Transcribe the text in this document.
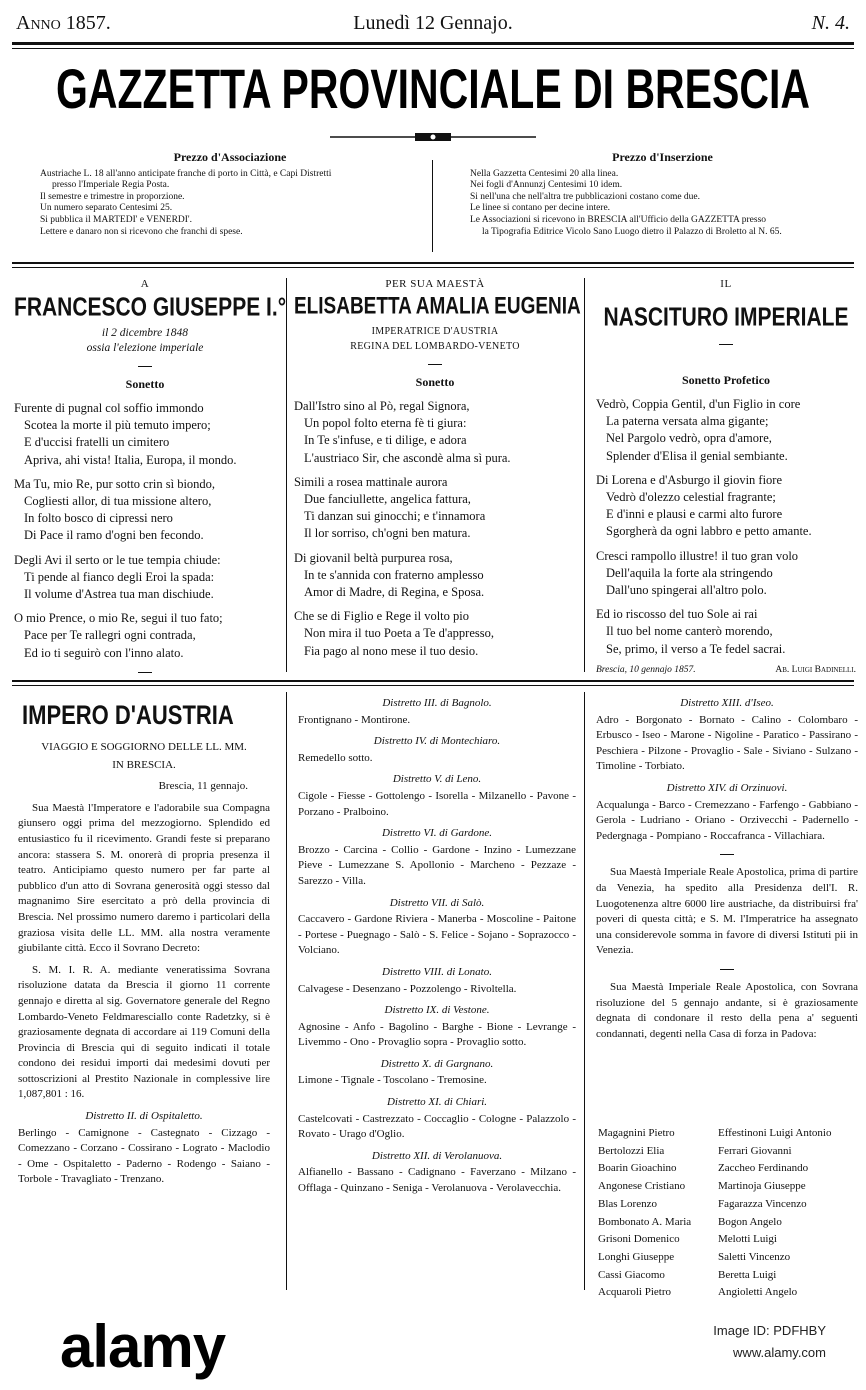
Anno 1857.	Lunedì 12 Gennajo.	N. 4.
GAZZETTA PROVINCIALE DI BRESCIA
Prezzo d'Associazione
Austriache L. 18 all'anno anticipate franche di porto in Città, e Capi Distretti
presso l'Imperiale Regia Posta.
Il semestre e trimestre in proporzione.
Un numero separato Centesimi 25.
Si pubblica il MARTEDI' e VENERDI'.
Lettere e danaro non si ricevono che franchi di spese.
Prezzo d'Inserzione
Nella Gazzetta Centesimi 20 alla linea.
Nei fogli d'Annunzj Centesimi 10 idem.
Si nell'una che nell'altra tre pubblicazioni costano come due.
Le linee si contano per decine intere.
Le Associazioni si ricevono in BRESCIA all'Ufficio della GAZZETTA presso
la Tipografia Editrice Vicolo Sano Luogo dietro il Palazzo di Broletto al N. 65.
A
FRANCESCO GIUSEPPE I.°
il 2 dicembre 1848
ossia l'elezione imperiale
Sonetto
Furente di pugnal col soffio immondo
Scotea la morte il più temuto impero;
E d'uccisi fratelli un cimitero
Apriva, ahi vista! Italia, Europa, il mondo.
Ma Tu, mio Re, pur sotto crin sì biondo,
Cogliesti allor, di tua missione altero,
In folto bosco di cipressi nero
Di Pace il ramo d'ogni ben fecondo.
Degli Avi il serto or le tue tempia chiude:
Ti pende al fianco degli Eroi la spada:
Il volume d'Astrea tua man dischiude.
O mio Prence, o mio Re, segui il tuo fato;
Pace per Te rallegri ogni contrada,
Ed io ti seguirò con l'inno alato.
PER SUA MAESTÀ
ELISABETTA AMALIA EUGENIA
IMPERATRICE D'AUSTRIA
REGINA DEL LOMBARDO-VENETO
Sonetto
Dall'Istro sino al Pò, regal Signora,
Un popol folto eterna fè ti giura:
In Te s'infuse, e ti dilige, e adora
L'austriaco Sir, che ascondè alma sì pura.
Simili a rosea mattinale aurora
Due fanciullette, angelica fattura,
Ti danzan sui ginocchi; e t'innamora
Il lor sorriso, ch'ogni ben matura.
Di giovanil beltà purpurea rosa,
In te s'annida con fraterno amplesso
Amor di Madre, di Regina, e Sposa.
Che se di Figlio e Rege il volto pio
Non mira il tuo Poeta a Te d'appresso,
Fia pago al nono mese il tuo desio.
IL
NASCITURO IMPERIALE
Sonetto Profetico
Vedrò, Coppia Gentil, d'un Figlio in core
La paterna versata alma gigante;
Nel Pargolo vedrò, opra d'amore,
Splender d'Elisa il genial sembiante.
Di Lorena e d'Asburgo il giovin fiore
Vedrò d'olezzo celestial fragrante;
E d'inni e plausi e carmi alto furore
Sgorgherà da ogni labbro e petto amante.
Cresci rampollo illustre! il tuo gran volo
Dell'aquila la forte ala stringendo
Dall'uno spingerai all'altro polo.
Ed io riscosso del tuo Sole ai rai
Il tuo bel nome canterò morendo,
Se, primo, il verso a Te fedel sacrai.
Ab. Luigi Badinelli.
Brescia, 10 gennajo 1857.
IMPERO D'AUSTRIA

VIAGGIO E SOGGIORNO DELLE LL. MM.

IN BRESCIA.

Brescia, 11 gennajo.

Sua Maestà l'Imperatore e l'adorabile sua Compagna giunsero oggi prima del mezzogiorno. Splendido ed entusiastico fu il ricevimento. Grandi feste si preparano ancora: stassera S. M. onorerà di propria presenza il teatro. Anticipiamo questo numero per far parte al pubblico d'un atto di Sovrana generosità oggi stesso dal magnanimo Sire esercitato a prò della provincia di Brescia. Nel prossimo numero daremo i particolari della graziosa visita delle LL. MM. alla nostra veramente giubilante città. Ecco il Sovrano Decreto:

S. M. I. R. A. mediante veneratissima Sovrana risoluzione datata da Brescia il giorno 11 corrente gennajo e diretta al sig. Governatore generale del Regno Lombardo-Veneto Feldmaresciallo conte Radetzky, si è graziosamente degnata di accordare ai 119 Comuni della Provincia di Brescia qui di seguito indicati il totale condono dei residui importi dai medesimi dovuti per sottoscrizioni al Prestito Nazionale in complessive lire 1,087,801 : 16.

Distretto II. di Ospitaletto.

Berlingo - Camignone - Castegnato - Cizzago - Comezzano - Corzano - Cossirano - Lograto - Maclodio - Ome - Ospitaletto - Paderno - Rodengo - Saiano - Torbole - Travagliato - Trenzano.

Distretto III. di Bagnolo.

Frontignano - Montirone.

Distretto IV. di Montechiaro.

Remedello sotto.

Distretto V. di Leno.

Cigole - Fiesse - Gottolengo - Isorella - Milzanello - Pavone - Porzano - Pralboino.

Distretto VI. di Gardone.

Brozzo - Carcina - Collio - Gardone - Inzino - Lumezzane Pieve - Lumezzane S. Apollonio - Marcheno - Pezzaze - Sarezzo - Villa.

Distretto VII. di Salò.

Caccavero - Gardone Riviera - Manerba - Moscoline - Paitone - Portese - Puegnago - Salò - S. Felice - Sojano - Soprazocco - Volciano.

Distretto VIII. di Lonato.

Calvagese - Desenzano - Pozzolengo - Rivoltella.

Distretto IX. di Vestone.

Agnosine - Anfo - Bagolino - Barghe - Bione - Levrange - Livemmo - Ono - Provaglio sopra - Provaglio sotto.

Distretto X. di Gargnano.

Limone - Tignale - Toscolano - Tremosine.

Distretto XI. di Chiari.

Castelcovati - Castrezzato - Coccaglio - Cologne - Palazzolo - Rovato - Urago d'Oglio.

Distretto XII. di Verolanuova.

Alfianello - Bassano - Cadignano - Faverzano - Milzano - Offlaga - Quinzano - Seniga - Verolanuova - Verolavecchia.

Distretto XIII. d'Iseo.

Adro - Borgonato - Bornato - Calino - Colombaro - Erbusco - Iseo - Marone - Nigoline - Paratico - Passirano - Peschiera - Pilzone - Provaglio - Sale - Siviano - Sulzano - Timoline - Torbiato.

Distretto XIV. di Orzinuovi.

Acqualunga - Barco - Cremezzano - Farfengo - Gabbiano - Gerola - Ludriano - Oriano - Orzivecchi - Padernello - Pedergnaga - Pompiano - Roccafranca - Villachiara.

Sua Maestà Imperiale Reale Apostolica, prima di partire da Venezia, ha spedito alla Presidenza dell'I. R. Luogotenenza altre 6000 lire austriache, da distribuirsi fra' poveri di questa città; e S. M. l'Imperatrice ha assegnato una considerevole somma in favore di diversi Istituti pii in Venezia.

Sua Maestà Imperiale Reale Apostolica, con Sovrana risoluzione del 5 gennajo andante, si è graziosamente degnata di condonare il resto della pena a' seguenti condannati, degenti nella Casa di forza in Padova:

Magagnini Pietro	Effestinoni Luigi Antonio
Bertolozzi Elia	Ferrari Giovanni
Boarin Gioachino	Zaccheo Ferdinando
Angonese Cristiano	Martinoja Giuseppe
Blas Lorenzo	Fagarazza Vincenzo
Bombonato A. Maria	Bogon Angelo
Grisoni Domenico	Melotti Luigi
Longhi Giuseppe	Saletti Vincenzo
Cassi Giacomo	Beretta Luigi
Acquaroli Pietro	Angioletti Angelo
alamy	Image ID: PDFHBY
www.alamy.com
